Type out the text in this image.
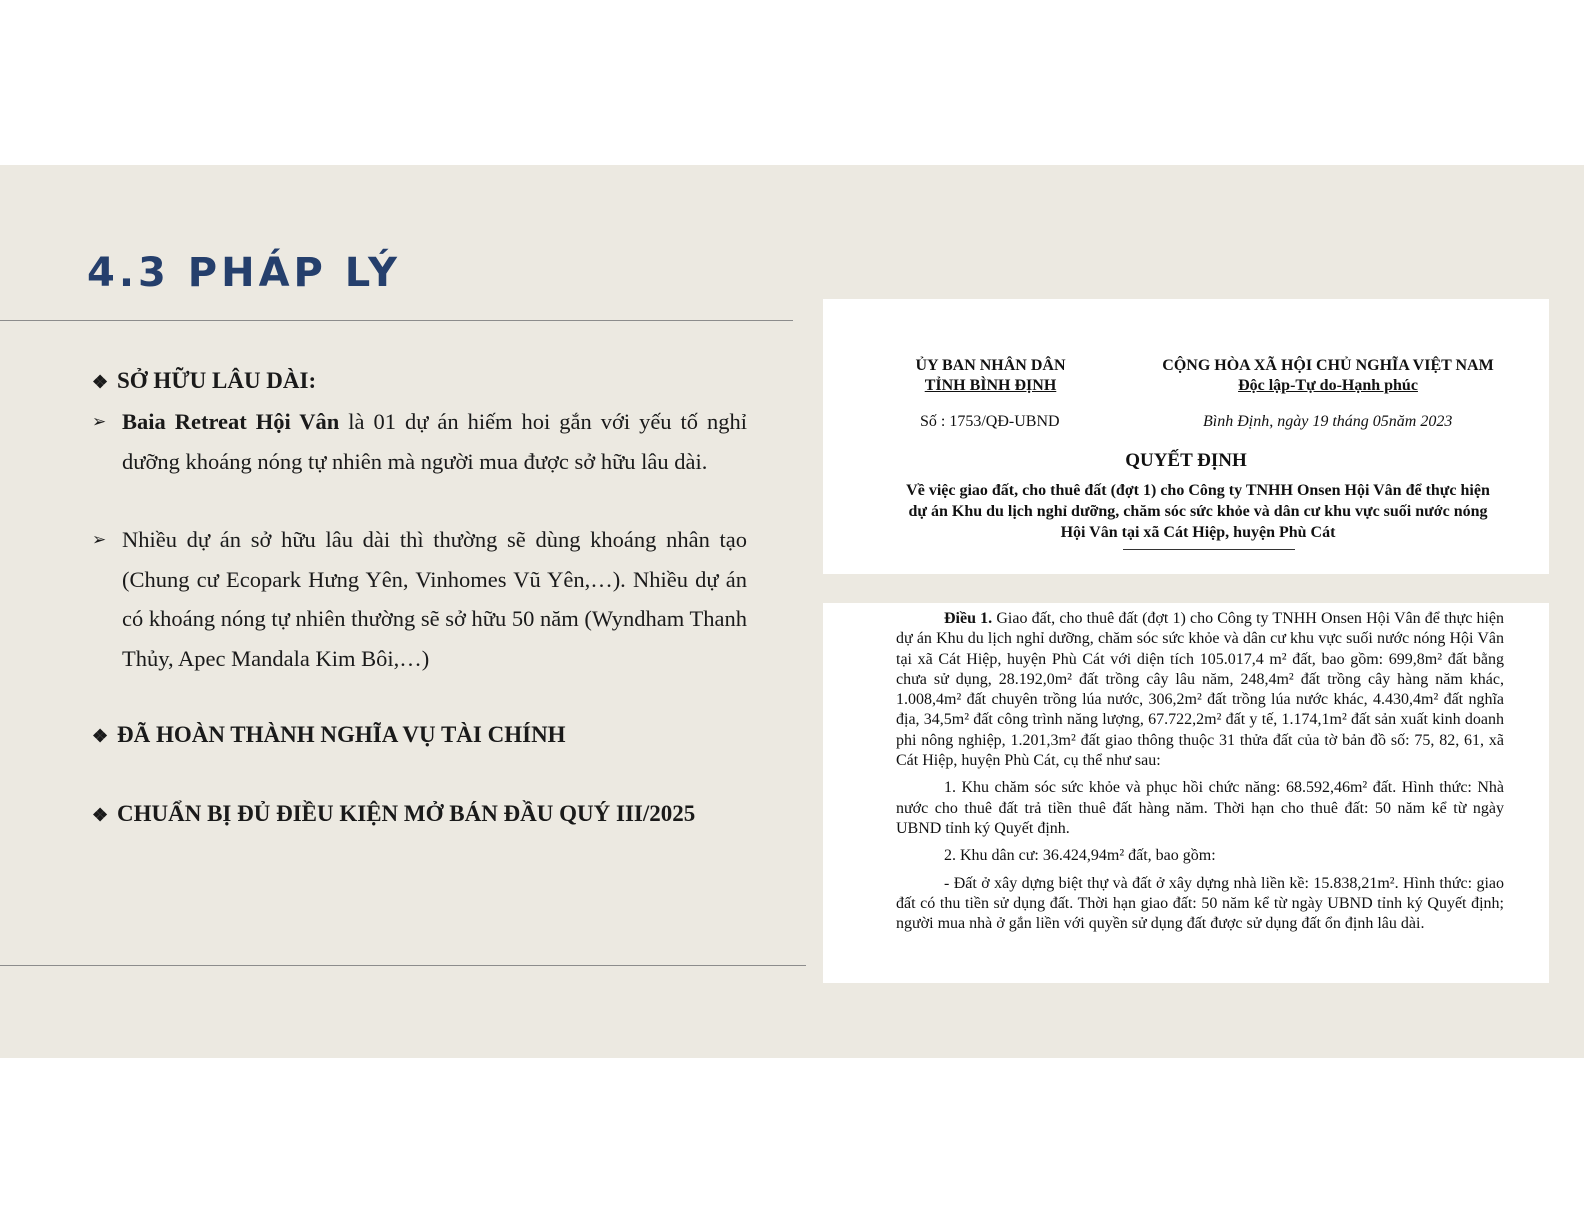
4.3 PHÁP LÝ
❖ SỞ HỮU LÂU DÀI:
➢ Baia Retreat Hội Vân là 01 dự án hiếm hoi gắn với yếu tố nghỉ dưỡng khoáng nóng tự nhiên mà người mua được sở hữu lâu dài.
➢ Nhiều dự án sở hữu lâu dài thì thường sẽ dùng khoáng nhân tạo (Chung cư Ecopark Hưng Yên, Vinhomes Vũ Yên,…). Nhiều dự án có khoáng nóng tự nhiên thường sẽ sở hữu 50 năm (Wyndham Thanh Thủy, Apec Mandala Kim Bôi,…)
❖ ĐÃ HOÀN THÀNH NGHĨA VỤ TÀI CHÍNH
❖ CHUẨN BỊ ĐỦ ĐIỀU KIỆN MỞ BÁN ĐẦU QUÝ III/2025
ỦY BAN NHÂN DÂN
TỈNH BÌNH ĐỊNH
CỘNG HÒA XÃ HỘI CHỦ NGHĨA VIỆT NAM
Độc lập-Tự do-Hạnh phúc
Số : 1753/QĐ-UBND	Bình Định, ngày 19 tháng 05năm 2023
QUYẾT ĐỊNH
Về việc giao đất, cho thuê đất (đợt 1) cho Công ty TNHH Onsen Hội Vân để thực hiện dự án Khu du lịch nghỉ dưỡng, chăm sóc sức khỏe và dân cư khu vực suối nước nóng Hội Vân tại xã Cát Hiệp, huyện Phù Cát

Điều 1. Giao đất, cho thuê đất (đợt 1) cho Công ty TNHH Onsen Hội Vân để thực hiện dự án Khu du lịch nghỉ dưỡng, chăm sóc sức khỏe và dân cư khu vực suối nước nóng Hội Vân tại xã Cát Hiệp, huyện Phù Cát với diện tích 105.017,4 m² đất, bao gồm: 699,8m² đất bằng chưa sử dụng, 28.192,0m² đất trồng cây lâu năm, 248,4m² đất trồng cây hàng năm khác, 1.008,4m² đất chuyên trồng lúa nước, 306,2m² đất trồng lúa nước khác, 4.430,4m² đất nghĩa địa, 34,5m² đất công trình năng lượng, 67.722,2m² đất y tế, 1.174,1m² đất sản xuất kinh doanh phi nông nghiệp, 1.201,3m² đất giao thông thuộc 31 thửa đất của tờ bản đồ số: 75, 82, 61, xã Cát Hiệp, huyện Phù Cát, cụ thể như sau:

1. Khu chăm sóc sức khỏe và phục hồi chức năng: 68.592,46m² đất. Hình thức: Nhà nước cho thuê đất trả tiền thuê đất hàng năm. Thời hạn cho thuê đất: 50 năm kể từ ngày UBND tỉnh ký Quyết định.

2. Khu dân cư: 36.424,94m² đất, bao gồm:

- Đất ở xây dựng biệt thự và đất ở xây dựng nhà liền kề: 15.838,21m². Hình thức: giao đất có thu tiền sử dụng đất. Thời hạn giao đất: 50 năm kể từ ngày UBND tỉnh ký Quyết định; người mua nhà ở gắn liền với quyền sử dụng đất được sử dụng đất ổn định lâu dài.
